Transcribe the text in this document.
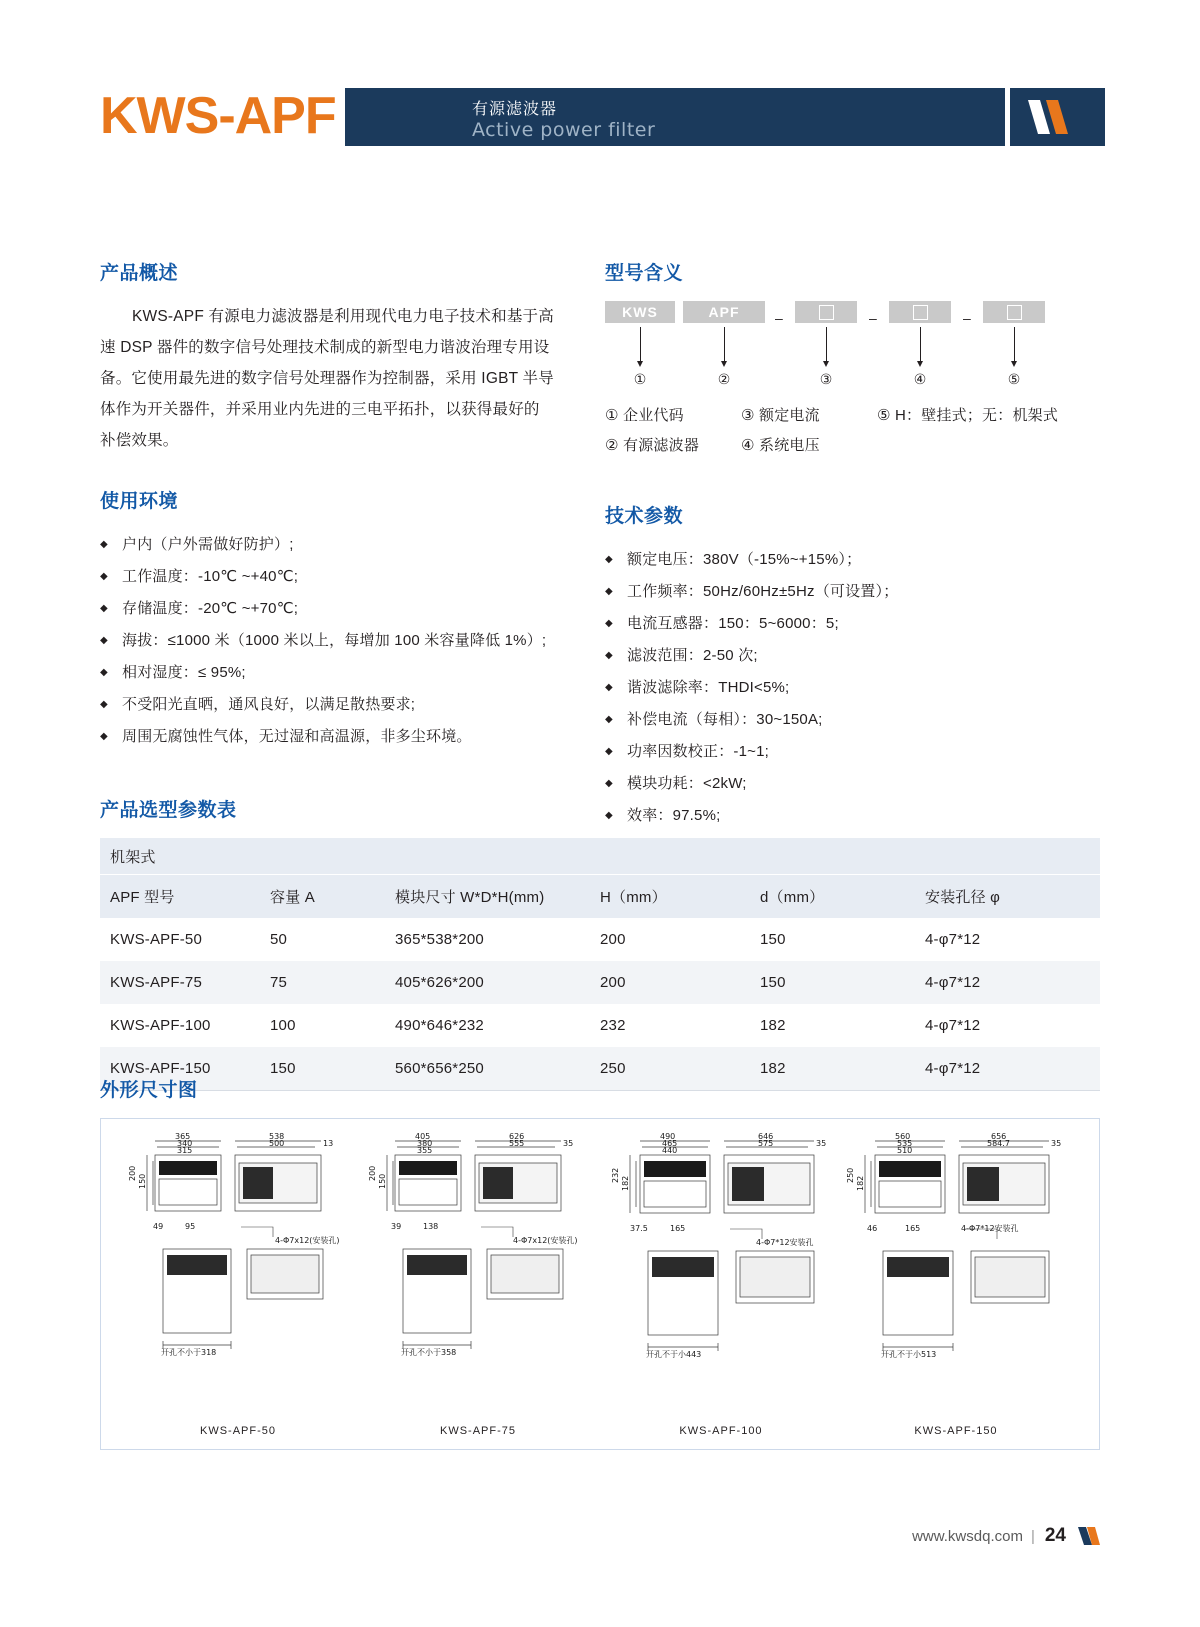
KWS-APF	有源滤波器
Active power filter
产品概述

KWS-APF 有源电力滤波器是利用现代电力电子技术和基于高速 DSP 器件的数字信号处理技术制成的新型电力谐波治理专用设备。它使用最先进的数字信号处理器作为控制器，采用 IGBT 半导体作为开关器件，并采用业内先进的三电平拓扑，以获得最好的补偿效果。

使用环境
◆ 户内（户外需做好防护）;
◆ 工作温度：-10℃ ~+40℃;
◆ 存储温度：-20℃ ~+70℃;
◆ 海拔：≤1000 米（1000 米以上，每增加 100 米容量降低 1%）;
◆ 相对湿度：≤ 95%;
◆ 不受阳光直晒，通风良好，以满足散热要求;
◆ 周围无腐蚀性气体，无过湿和高温源，非多尘环境。
型号含义
KWS	APF	–	–	–
①	②	③	④	⑤
① 企业代码
② 有源滤波器
③ 额定电流
④ 系统电压
⑤ H：壁挂式；无：机架式
技术参数
◆ 额定电压：380V（-15%~+15%）；
◆ 工作频率：50Hz/60Hz±5Hz（可设置）；
◆ 电流互感器：150：5~6000：5;
◆ 滤波范围：2-50 次;
◆ 谐波滤除率：THDI<5%;
◆ 补偿电流（每相）：30~150A;
◆ 功率因数校正：-1~1;
◆ 模块功耗：<2kW;
◆ 效率：97.5%;
◆
产品选型参数表
机架式					
APF 型号	容量 A	模块尺寸 W*D*H(mm)	H（mm）	d（mm）	安装孔径 φ
KWS-APF-50	50	365*538*200	200	150	4-φ7*12
KWS-APF-75	75	405*626*200	200	150	4-φ7*12
KWS-APF-100	100	490*646*232	232	182	4-φ7*12
KWS-APF-150	150	560*656*250	250	182	4-φ7*12
外形尺寸图
365
340
315
538
500	13
200
150
49	95
4-Φ7x12(安装孔)
开孔不小于318
KWS-APF-50
405
380
355
626
555	35
200
150
39	138
4-Φ7x12(安装孔)
开孔不小于358
KWS-APF-75
490
465
440
646
575	35
232
182
37.5	165
4-Φ7*12安装孔
开孔不于小443
KWS-APF-100
560
535
510
656
584.7	35
250
182
46	165	4-Φ7*12安装孔
开孔不于小513
KWS-APF-150
www.kwsdq.com | 24
